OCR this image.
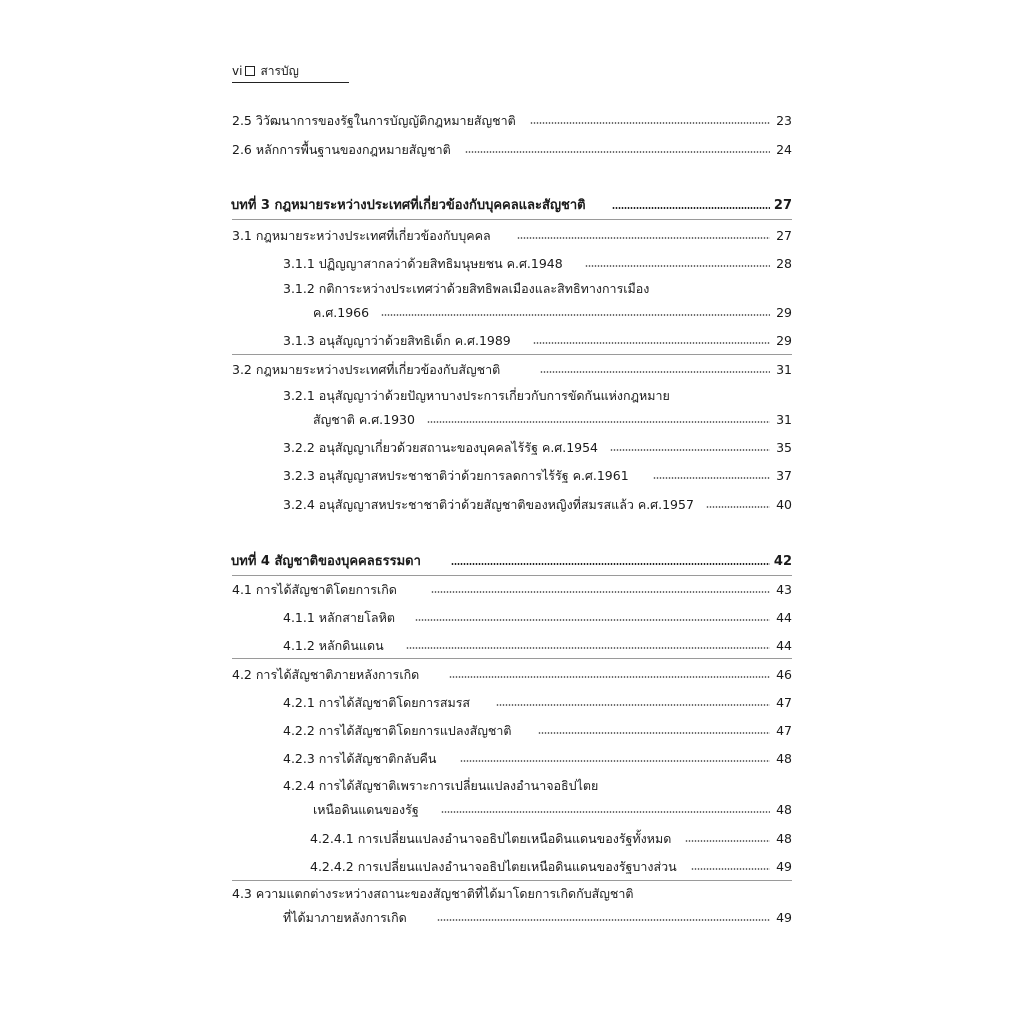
vi สารบัญ
2.5 วิวัฒนาการของรัฐในการบัญญัติกฎหมายสัญชาติ	23
2.6 หลักการพื้นฐานของกฎหมายสัญชาติ	24
บทที่ 3 กฎหมายระหว่างประเทศที่เกี่ยวข้องกับบุคคลและสัญชาติ	27
3.1 กฎหมายระหว่างประเทศที่เกี่ยวข้องกับบุคคล	27
3.1.1 ปฏิญญาสากลว่าด้วยสิทธิมนุษยชน ค.ศ.1948	28
3.1.2 กติการะหว่างประเทศว่าด้วยสิทธิพลเมืองและสิทธิทางการเมือง
ค.ศ.1966	29
3.1.3 อนุสัญญาว่าด้วยสิทธิเด็ก ค.ศ.1989	29
3.2 กฎหมายระหว่างประเทศที่เกี่ยวข้องกับสัญชาติ	31
3.2.1 อนุสัญญาว่าด้วยปัญหาบางประการเกี่ยวกับการขัดกันแห่งกฎหมาย
สัญชาติ ค.ศ.1930	31
3.2.2 อนุสัญญาเกี่ยวด้วยสถานะของบุคคลไร้รัฐ ค.ศ.1954	35
3.2.3 อนุสัญญาสหประชาชาติว่าด้วยการลดการไร้รัฐ ค.ศ.1961	37
3.2.4 อนุสัญญาสหประชาชาติว่าด้วยสัญชาติของหญิงที่สมรสแล้ว ค.ศ.1957	40
บทที่ 4 สัญชาติของบุคคลธรรมดา	42
4.1 การได้สัญชาติโดยการเกิด	43
4.1.1 หลักสายโลหิต	44
4.1.2 หลักดินแดน	44
4.2 การได้สัญชาติภายหลังการเกิด	46
4.2.1 การได้สัญชาติโดยการสมรส	47
4.2.2 การได้สัญชาติโดยการแปลงสัญชาติ	47
4.2.3 การได้สัญชาติกลับคืน	48
4.2.4 การได้สัญชาติเพราะการเปลี่ยนแปลงอำนาจอธิปไตย
เหนือดินแดนของรัฐ	48
4.2.4.1 การเปลี่ยนแปลงอำนาจอธิปไตยเหนือดินแดนของรัฐทั้งหมด	48
4.2.4.2 การเปลี่ยนแปลงอำนาจอธิปไตยเหนือดินแดนของรัฐบางส่วน	49
4.3 ความแตกต่างระหว่างสถานะของสัญชาติที่ได้มาโดยการเกิดกับสัญชาติ
ที่ได้มาภายหลังการเกิด	49
